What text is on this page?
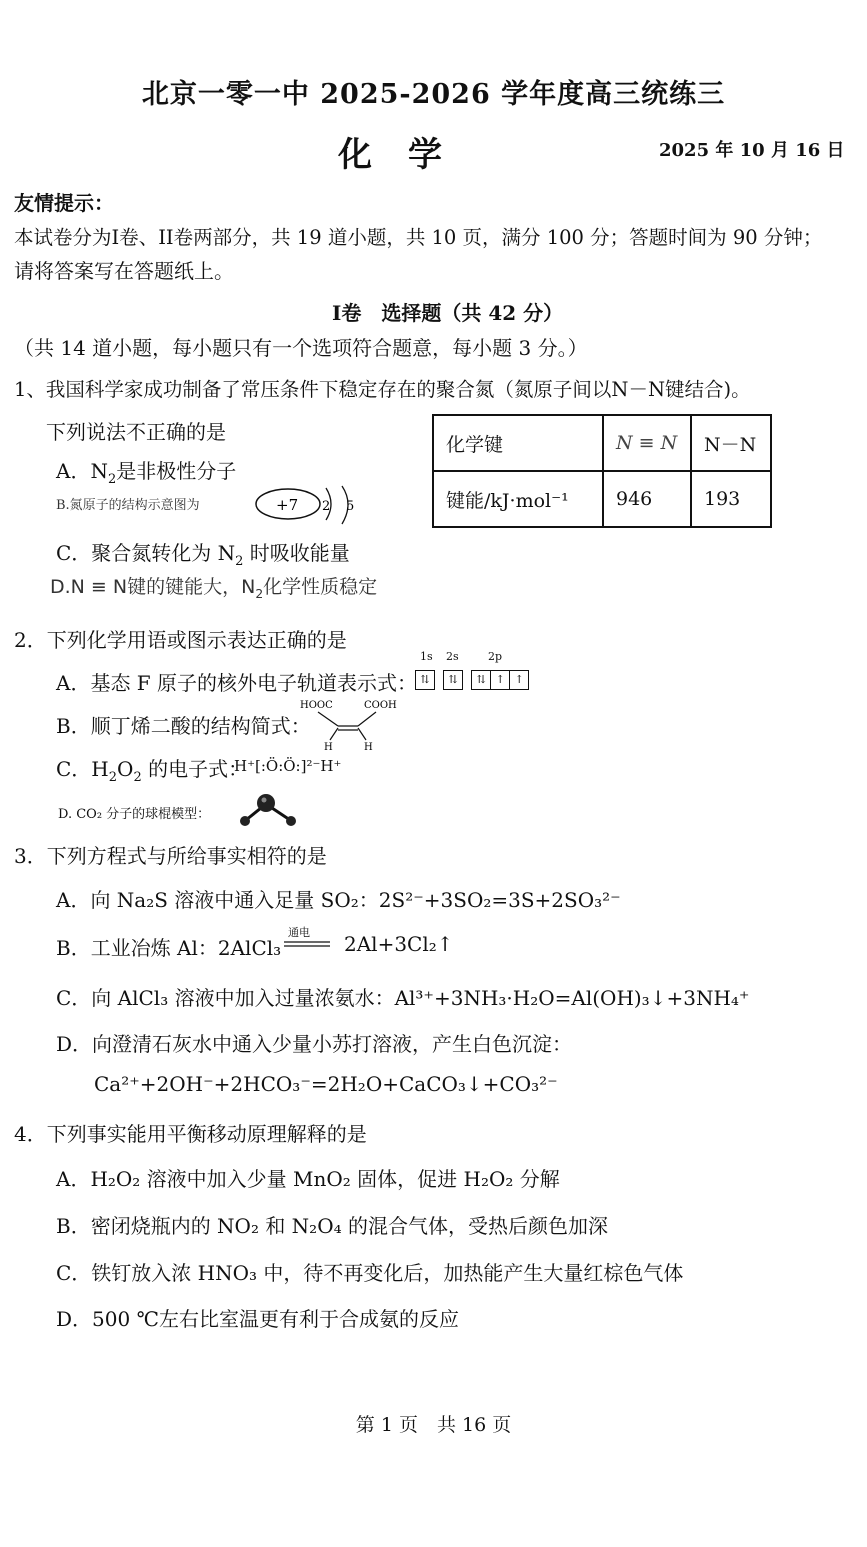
北京一零一中 2025-2026 学年度高三统练三
化学	2025 年 10 月 16 日
友情提示：
本试卷分为I卷、II卷两部分，共 19 道小题，共 10 页，满分 100 分；答题时间为 90 分钟；
请将答案写在答题纸上。
I卷　选择题（共 42 分）
（共 14 道小题，每小题只有一个选项符合题意，每小题 3 分。）
1、我国科学家成功制备了常压条件下稳定存在的聚合氮（氮原子间以N－N键结合)。
下列说法不正确的是
A．$N_2$是非极性分子
B.氮原子的结构示意图为	+7 2 5
C．聚合氮转化为 $N_2$ 时吸收能量
D.N ≡ N键的键能大，$N_2$化学性质稳定
化学键	N ≡ N	N－N
键能/kJ·mol⁻¹	946	193
2．下列化学用语或图示表达正确的是
A．基态 F 原子的核外电子轨道表示式：
1s 2s	2p
⇅ ⇅	⇅ ↑ ↑
B．顺丁烯二酸的结构简式：
HOOC	COOH
H	H
C．$H_2O_2$ 的电子式：
H⁺[:Ö:Ö:]²⁻H⁺
D. CO₂ 分子的球棍模型：
3．下列方程式与所给事实相符的是
A．向 Na₂S 溶液中通入足量 SO₂：2S²⁻+3SO₂=3S+2SO₃²⁻
B．工业冶炼 Al：2AlCl₃
通电 2Al+3Cl₂↑
C．向 AlCl₃ 溶液中加入过量浓氨水：Al³⁺+3NH₃·H₂O=Al(OH)₃↓+3NH₄⁺
D．向澄清石灰水中通入少量小苏打溶液，产生白色沉淀：
Ca²⁺+2OH⁻+2HCO₃⁻=2H₂O+CaCO₃↓+CO₃²⁻
4．下列事实能用平衡移动原理解释的是
A．H₂O₂ 溶液中加入少量 MnO₂ 固体，促进 H₂O₂ 分解
B．密闭烧瓶内的 NO₂ 和 N₂O₄ 的混合气体，受热后颜色加深
C．铁钉放入浓 HNO₃ 中，待不再变化后，加热能产生大量红棕色气体
D．500 ℃左右比室温更有利于合成氨的反应
第 1 页　共 16 页
